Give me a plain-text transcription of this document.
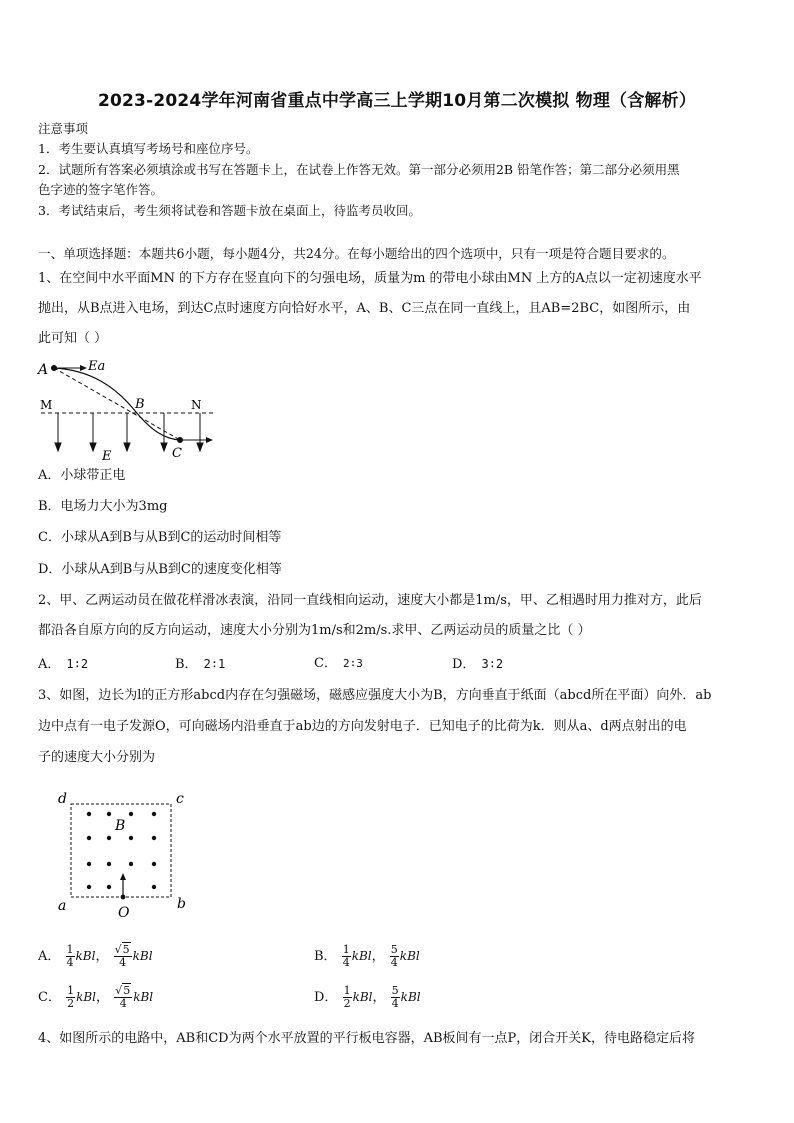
2023-2024学年河南省重点中学高三上学期10月第二次模拟 物理（含解析）
注意事项
1．考生要认真填写考场号和座位序号。
2．试题所有答案必须填涂或书写在答题卡上，在试卷上作答无效。第一部分必须用2B 铅笔作答；第二部分必须用黑
色字迹的签字笔作答。
3．考试结束后，考生须将试卷和答题卡放在桌面上，待监考员收回。
一、单项选择题：本题共6小题，每小题4分，共24分。在每小题给出的四个选项中，只有一项是符合题目要求的。
1、在空间中水平面MN 的下方存在竖直向下的匀强电场，质量为m 的带电小球由MN 上方的A点以一定初速度水平
抛出，从B点进入电场，到达C点时速度方向恰好水平，A、B、C三点在同一直线上，且AB=2BC，如图所示，由
此可知（ ）
A	Ea
M	B	N
E	C
A．小球带正电
B．电场力大小为3mg
C．小球从A到B与从B到C的运动时间相等
D．小球从A到B与从B到C的速度变化相等
2、甲、乙两运动员在做花样滑冰表演，沿同一直线相向运动，速度大小都是1m/s，甲、乙相遇时用力推对方，此后
都沿各自原方向的反方向运动，速度大小分别为1m/s和2m/s.求甲、乙两运动员的质量之比（ ）
A． 1∶2	B． 2∶1	C． 2∶3	D． 3∶2
3、如图，边长为l的正方形abcd内存在匀强磁场，磁感应强度大小为B，方向垂直于纸面（abcd所在平面）向外．ab
边中点有一电子发源O，可向磁场内沿垂直于ab边的方向发射电子．已知电子的比荷为k．则从a、d两点射出的电
子的速度大小分别为
d	c
B
a	b
O
A． $\frac{1}{4}$ kBl， $\frac{√5}{4}$ kBl	B． $\frac{1}{4}$ kBl， $\frac{5}{4}$ kBl
C． $\frac{1}{2}$ kBl， $\frac{√5}{4}$ kBl	D． $\frac{1}{2}$ kBl， $\frac{5}{4}$ kBl
4、如图所示的电路中，AB和CD为两个水平放置的平行板电容器，AB板间有一点P，闭合开关K，待电路稳定后将
